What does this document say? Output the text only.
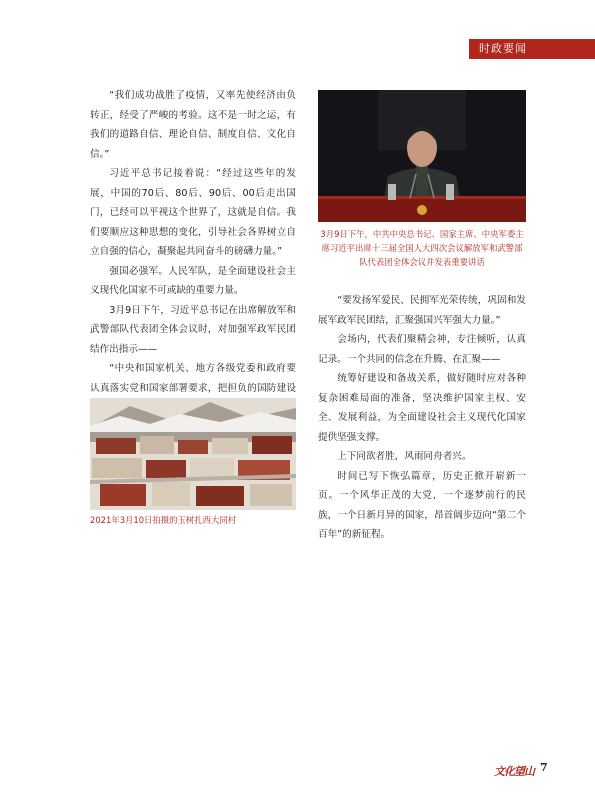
时政要闻

“我们成功战胜了疫情，又率先使经济由负转正，经受了严峻的考验。这不是一时之运，有我们的道路自信、理论自信、制度自信、文化自信。”

习近平总书记接着说：“经过这些年的发展，中国的70后、80后、90后、00后走出国门，已经可以平视这个世界了，这就是自信。我们要顺应这种思想的变化，引导社会各界树立自立自强的信心，凝聚起共同奋斗的磅礴力量。”

强国必强军。人民军队，是全面建设社会主义现代化国家不可或缺的重要力量。

3月9日下午，习近平总书记在出席解放军和武警部队代表团全体会议时，对加强军政军民团结作出指示——

“中央和国家机关、地方各级党委和政府要认真落实党和国家部署要求，把担负的国防建设

3月9日下午，中共中央总书记、国家主席、中央军委主席习近平出席十三届全国人大四次会议解放军和武警部队代表团全体会议并发表重要讲话

“要发扬军爱民、民拥军光荣传统，巩固和发展军政军民团结，汇聚强国兴军强大力量。”

会场内，代表们聚精会神，专注倾听，认真记录。一个共同的信念在升腾、在汇聚——

统筹好建设和备战关系，做好随时应对各种复杂困难局面的准备，坚决维护国家主权、安全、发展利益，为全面建设社会主义现代化国家提供坚强支撑。

上下同欲者胜，风雨同舟者兴。

时间已写下恢弘篇章，历史正掀开崭新一页。一个风华正茂的大党，一个逐梦前行的民族，一个日新月异的国家，昂首阔步迈向“第二个百年”的新征程。

2021年3月10日拍摄的玉树扎西大同村
文化望山 7
